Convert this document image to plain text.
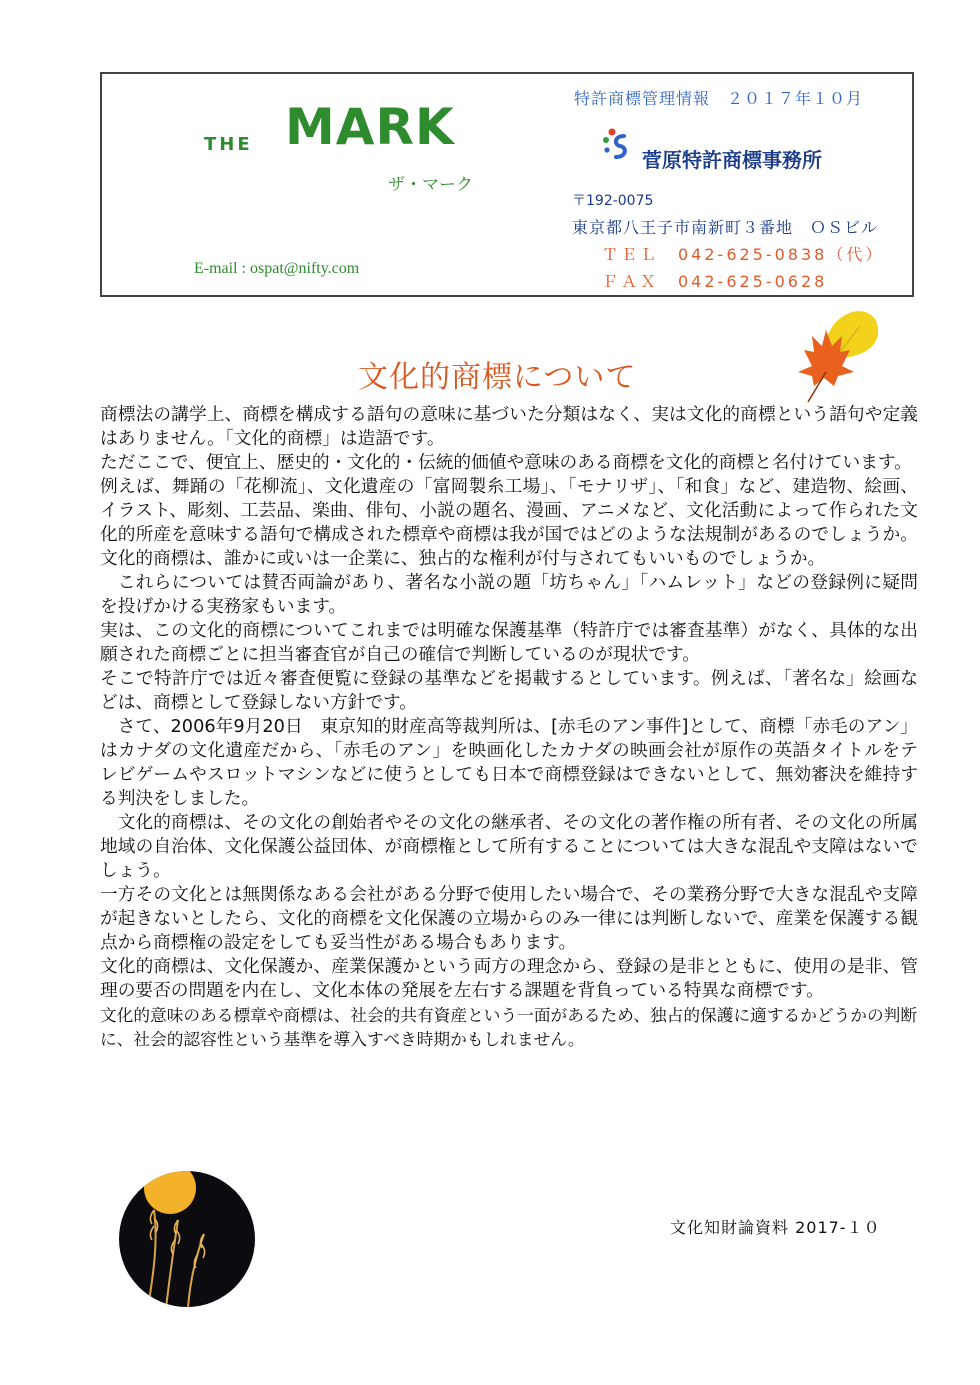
THE MARK
ザ・マーク
E-mail : ospat@nifty.com
特許商標管理情報　２０１７年１０月
菅原特許商標事務所
〒192-0075
東京都八王子市南新町３番地　ＯＳビル
ＴＥＬ　042-625-0838（代）
ＦＡＸ　042-625-0628
文化的商標について

商標法の講学上、商標を構成する語句の意味に基づいた分類はなく、実は文化的商標という語句や定義はありません。「文化的商標」は造語です。

ただここで、便宜上、歴史的・文化的・伝統的価値や意味のある商標を文化的商標と名付けています。

例えば、舞踊の「花柳流」、文化遺産の「富岡製糸工場」、「モナリザ」、「和食」など、建造物、絵画、イラスト、彫刻、工芸品、楽曲、俳句、小説の題名、漫画、アニメなど、文化活動によって作られた文化的所産を意味する語句で構成された標章や商標は我が国ではどのような法規制があるのでしょうか。文化的商標は、誰かに或いは一企業に、独占的な権利が付与されてもいいものでしょうか。

これらについては賛否両論があり、著名な小説の題「坊ちゃん」「ハムレット」などの登録例に疑問を投げかける実務家もいます。

実は、この文化的商標についてこれまでは明確な保護基準（特許庁では審査基準）がなく、具体的な出願された商標ごとに担当審査官が自己の確信で判断しているのが現状です。

そこで特許庁では近々審査便覧に登録の基準などを掲載するとしています。例えば、「著名な」絵画などは、商標として登録しない方針です。

さて、2006年9月20日　東京知的財産高等裁判所は、[赤毛のアン事件]として、商標「赤毛のアン」はカナダの文化遺産だから、「赤毛のアン」を映画化したカナダの映画会社が原作の英語タイトルをテレビゲームやスロットマシンなどに使うとしても日本で商標登録はできないとして、無効審決を維持する判決をしました。

文化的商標は、その文化の創始者やその文化の継承者、その文化の著作権の所有者、その文化の所属地域の自治体、文化保護公益団体、が商標権として所有することについては大きな混乱や支障はないでしょう。

一方その文化とは無関係なある会社がある分野で使用したい場合で、その業務分野で大きな混乱や支障が起きないとしたら、文化的商標を文化保護の立場からのみ一律には判断しないで、産業を保護する観点から商標権の設定をしても妥当性がある場合もあります。

文化的商標は、文化保護か、産業保護かという両方の理念から、登録の是非とともに、使用の是非、管理の要否の問題を内在し、文化本体の発展を左右する課題を背負っている特異な商標です。

文化的意味のある標章や商標は、社会的共有資産という一面があるため、独占的保護に適するかどうかの判断に、社会的認容性という基準を導入すべき時期かもしれません。

文化知財論資料 2017-１０
